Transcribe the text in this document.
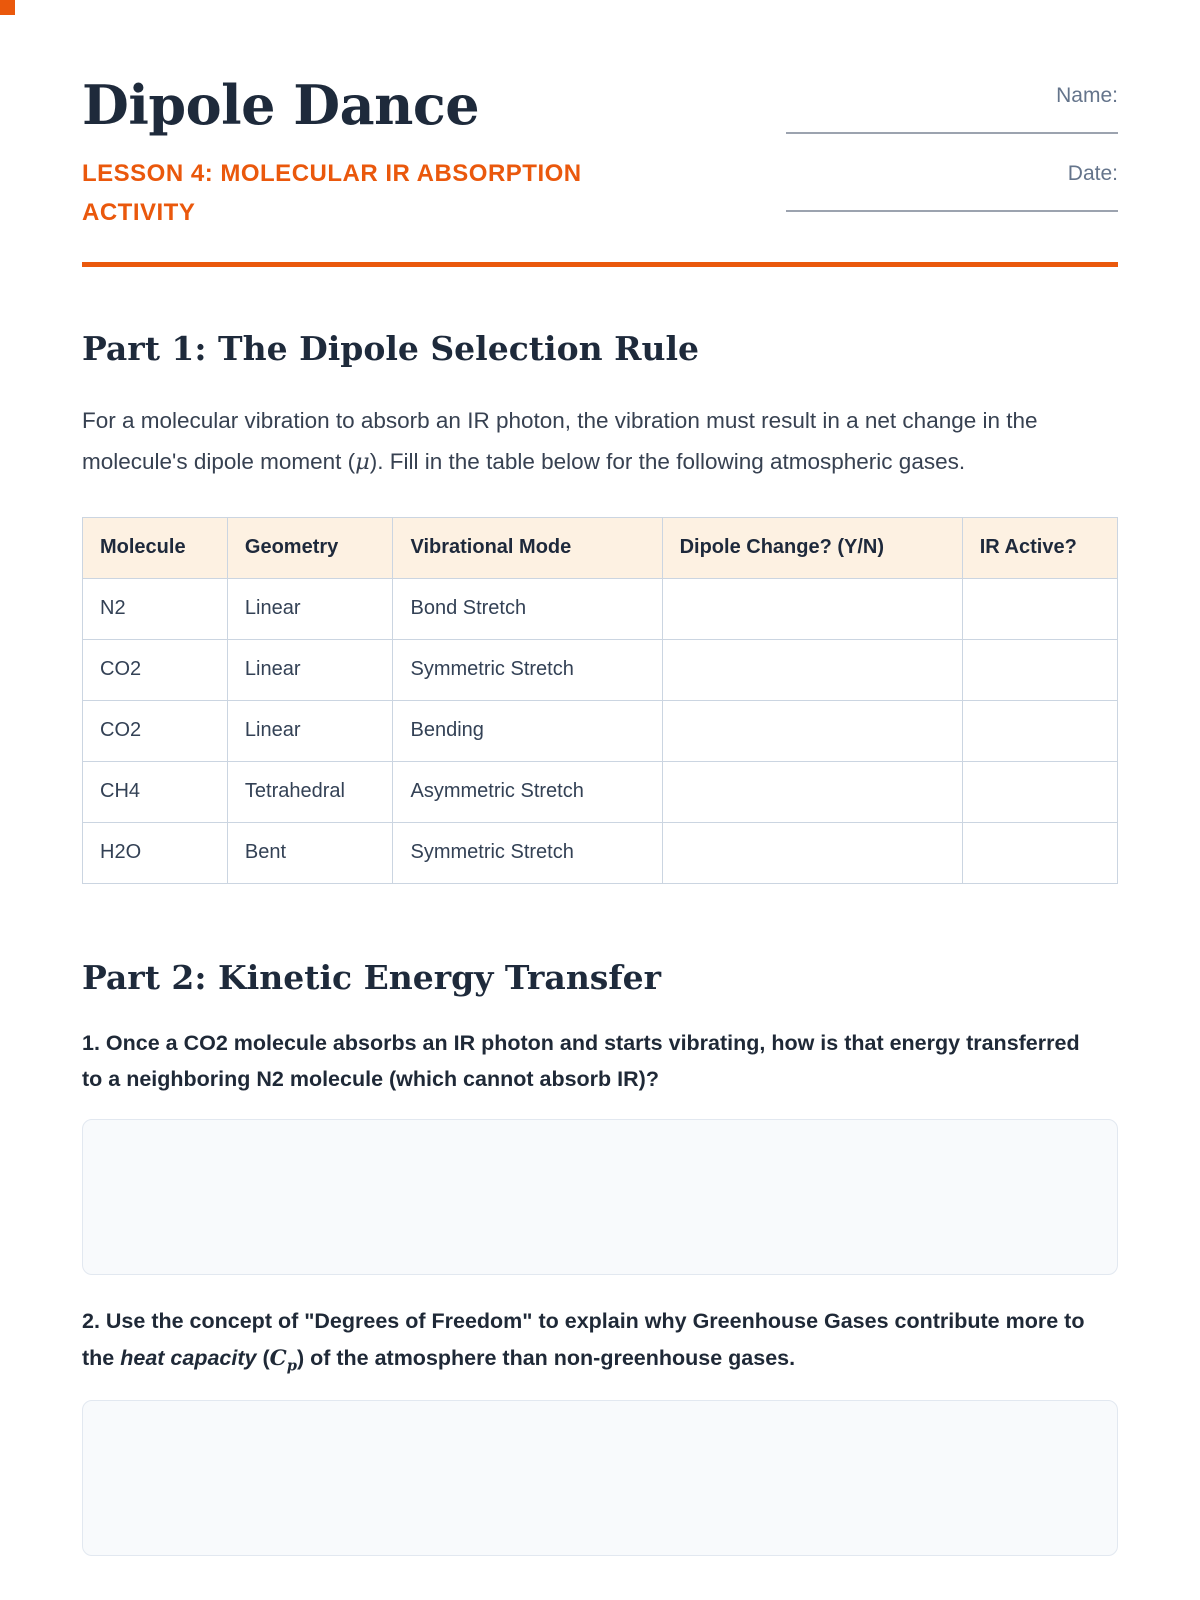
Dipole Dance
LESSON 4: MOLECULAR IR ABSORPTION
ACTIVITY
Name:
Date:
Part 1: The Dipole Selection Rule

For a molecular vibration to absorb an IR photon, the vibration must result in a net change in the molecule's dipole moment (μ). Fill in the table below for the following atmospheric gases.

Molecule	Geometry	Vibrational Mode	Dipole Change? (Y/N)	IR Active?
N2	Linear	Bond Stretch		
CO2	Linear	Symmetric Stretch		
CO2	Linear	Bending		
CH4	Tetrahedral	Asymmetric Stretch		
H2O	Bent	Symmetric Stretch		
Part 2: Kinetic Energy Transfer

1. Once a CO2 molecule absorbs an IR photon and starts vibrating, how is that energy transferred to a neighboring N2 molecule (which cannot absorb IR)?

2. Use the concept of "Degrees of Freedom" to explain why Greenhouse Gases contribute more to the heat capacity $(C_p)$ of the atmosphere than non-greenhouse gases.
